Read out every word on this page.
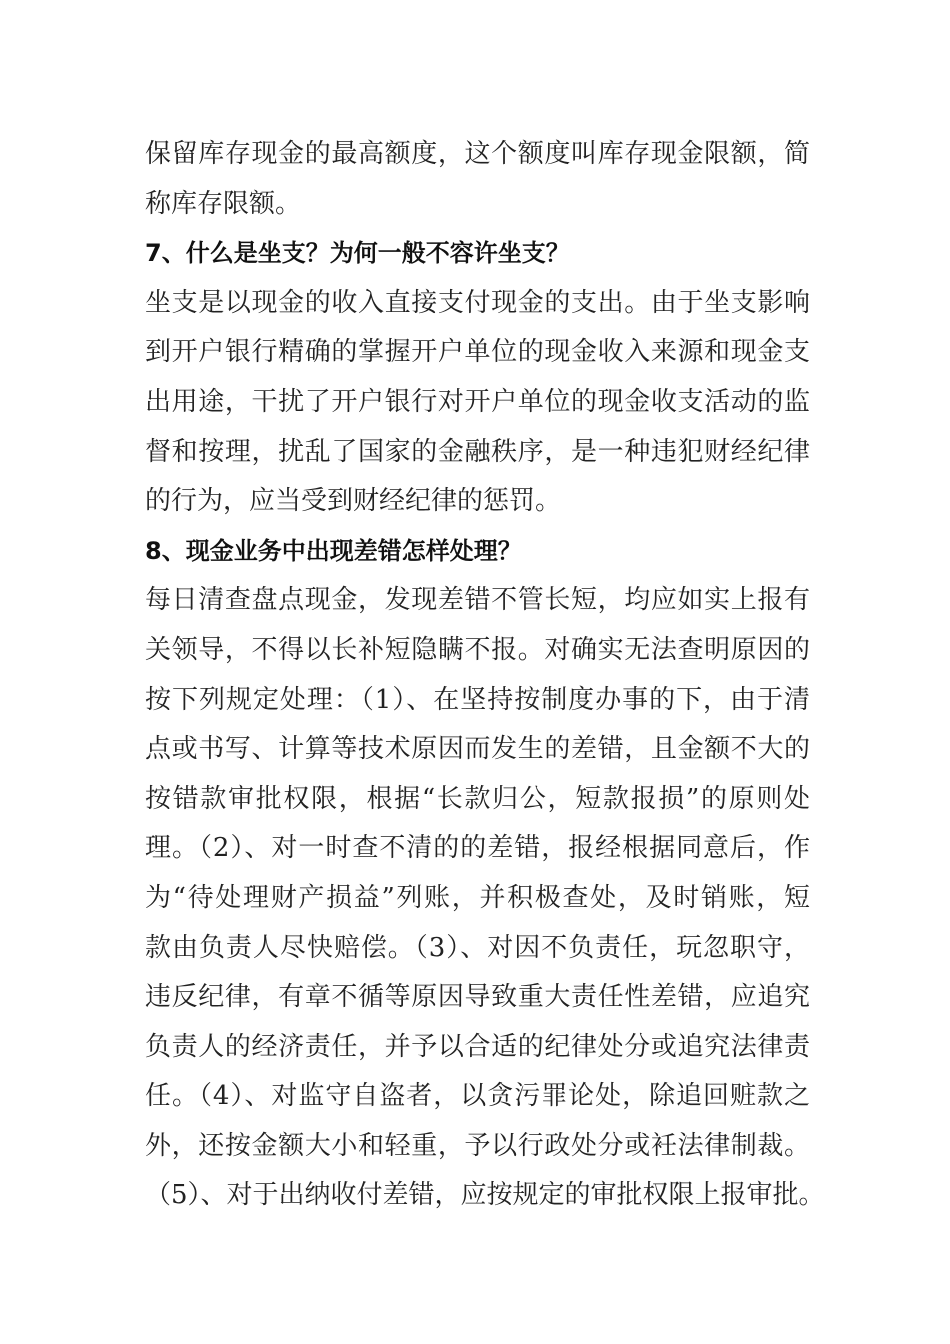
保留库存现金的最高额度，这个额度叫库存现金限额，简
称库存限额。
7、什么是坐支？为何一般不容许坐支？
坐支是以现金的收入直接支付现金的支出。由于坐支影响
到开户银行精确的掌握开户单位的现金收入来源和现金支
出用途，干扰了开户银行对开户单位的现金收支活动的监
督和按理，扰乱了国家的金融秩序，是一种违犯财经纪律
的行为，应当受到财经纪律的惩罚。
8、现金业务中出现差错怎样处理？
每日清查盘点现金，发现差错不管长短，均应如实上报有
关领导，不得以长补短隐瞒不报。对确实无法查明原因的
按下列规定处理：（1）、在坚持按制度办事的下，由于清
点或书写、计算等技术原因而发生的差错，且金额不大的
按错款审批权限，根据“长款归公，短款报损”的原则处
理。（2）、对一时查不清的的差错，报经根据同意后，作
为“待处理财产损益”列账，并积极查处，及时销账，短
款由负责人尽快赔偿。（3）、对因不负责任，玩忽职守，
违反纪律，有章不循等原因导致重大责任性差错，应追究
负责人的经济责任，并予以合适的纪律处分或追究法律责
任。（4）、对监守自盗者，以贪污罪论处，除追回赃款之
外，还按金额大小和轻重，予以行政处分或衽法律制裁。
（5）、对于出纳收付差错，应按规定的审批权限上报审批。
